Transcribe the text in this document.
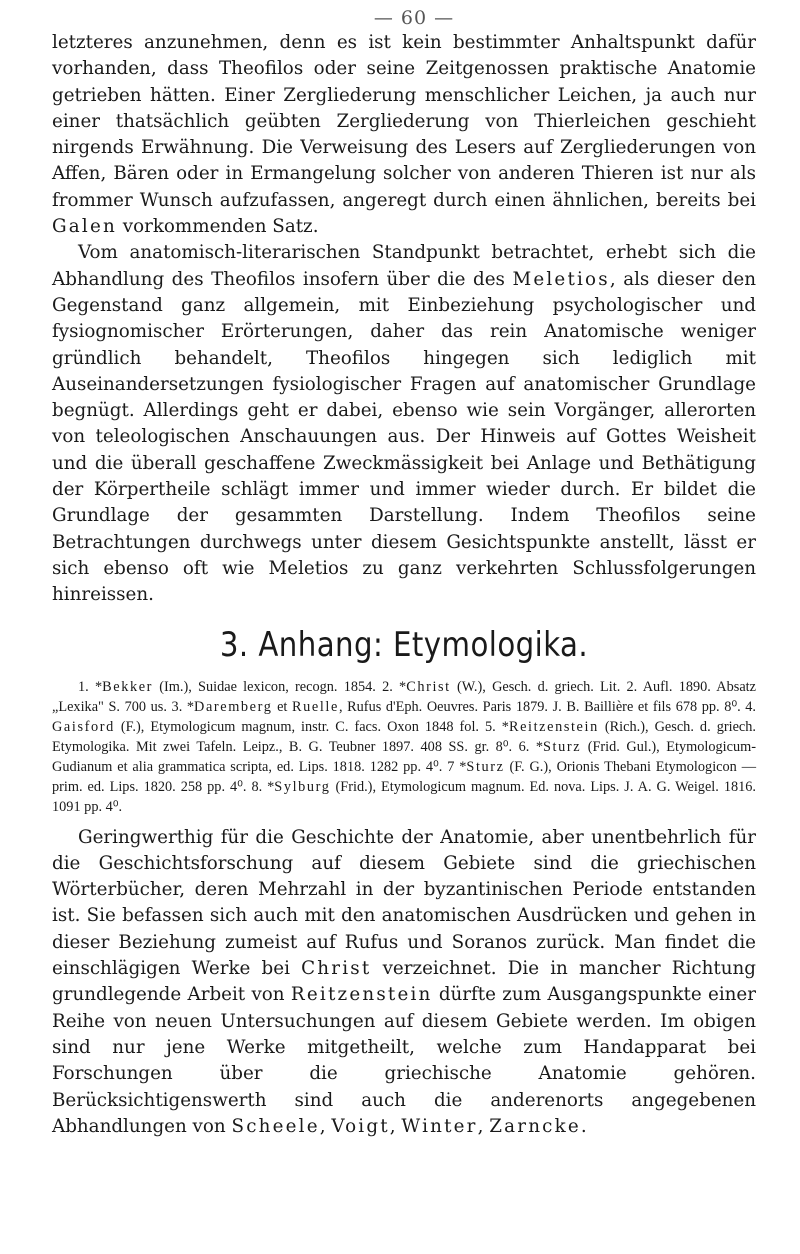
— 60 —

letzteres anzunehmen, denn es ist kein bestimmter Anhaltspunkt dafür vorhanden, dass Theofilos oder seine Zeitgenossen praktische Anatomie getrieben hätten. Einer Zergliederung menschlicher Leichen, ja auch nur einer thatsächlich geübten Zergliederung von Thierleichen geschieht nirgends Erwähnung. Die Verweisung des Lesers auf Zergliederungen von Affen, Bären oder in Ermangelung solcher von anderen Thieren ist nur als frommer Wunsch aufzufassen, angeregt durch einen ähnlichen, bereits bei Galen vorkommenden Satz.

Vom anatomisch-literarischen Standpunkt betrachtet, erhebt sich die Abhandlung des Theofilos insofern über die des Meletios, als dieser den Gegenstand ganz allgemein, mit Einbeziehung psychologischer und fysiognomischer Erörterungen, daher das rein Anatomische weniger gründlich behandelt, Theofilos hingegen sich lediglich mit Auseinandersetzungen fysiologischer Fragen auf anatomischer Grundlage begnügt. Allerdings geht er dabei, ebenso wie sein Vorgänger, allerorten von teleologischen Anschauungen aus. Der Hinweis auf Gottes Weisheit und die überall geschaffene Zweckmässigkeit bei Anlage und Bethätigung der Körpertheile schlägt immer und immer wieder durch. Er bildet die Grundlage der gesammten Darstellung. Indem Theofilos seine Betrachtungen durchwegs unter diesem Gesichtspunkte anstellt, lässt er sich ebenso oft wie Meletios zu ganz verkehrten Schlussfolgerungen hinreissen.

3. Anhang: Etymologika.

1. *Bekker (Im.), Suidae lexicon, recogn. 1854. 2. *Christ (W.), Gesch. d. griech. Lit. 2. Aufl. 1890. Absatz „Lexika" S. 700 us. 3. *Daremberg et Ruelle, Rufus d'Eph. Oeuvres. Paris 1879. J. B. Baillière et fils 678 pp. 8⁰. 4. Gaisford (F.), Etymologicum magnum, instr. C. facs. Oxon 1848 fol. 5. *Reitzenstein (Rich.), Gesch. d. griech. Etymologika. Mit zwei Tafeln. Leipz., B. G. Teubner 1897. 408 SS. gr. 8⁰. 6. *Sturz (Frid. Gul.), Etymologicum-Gudianum et alia grammatica scripta, ed. Lips. 1818. 1282 pp. 4⁰. 7 *Sturz (F. G.), Orionis Thebani Etymologicon — prim. ed. Lips. 1820. 258 pp. 4⁰. 8. *Sylburg (Frid.), Etymologicum magnum. Ed. nova. Lips. J. A. G. Weigel. 1816. 1091 pp. 4⁰.

Geringwerthig für die Geschichte der Anatomie, aber unentbehrlich für die Geschichtsforschung auf diesem Gebiete sind die griechischen Wörterbücher, deren Mehrzahl in der byzantinischen Periode entstanden ist. Sie befassen sich auch mit den anatomischen Ausdrücken und gehen in dieser Beziehung zumeist auf Rufus und Soranos zurück. Man findet die einschlägigen Werke bei Christ verzeichnet. Die in mancher Richtung grundlegende Arbeit von Reitzenstein dürfte zum Ausgangspunkte einer Reihe von neuen Untersuchungen auf diesem Gebiete werden. Im obigen sind nur jene Werke mitgetheilt, welche zum Handapparat bei Forschungen über die griechische Anatomie gehören. Berücksichtigenswerth sind auch die anderenorts angegebenen Abhandlungen von Scheele, Voigt, Winter, Zarncke.
